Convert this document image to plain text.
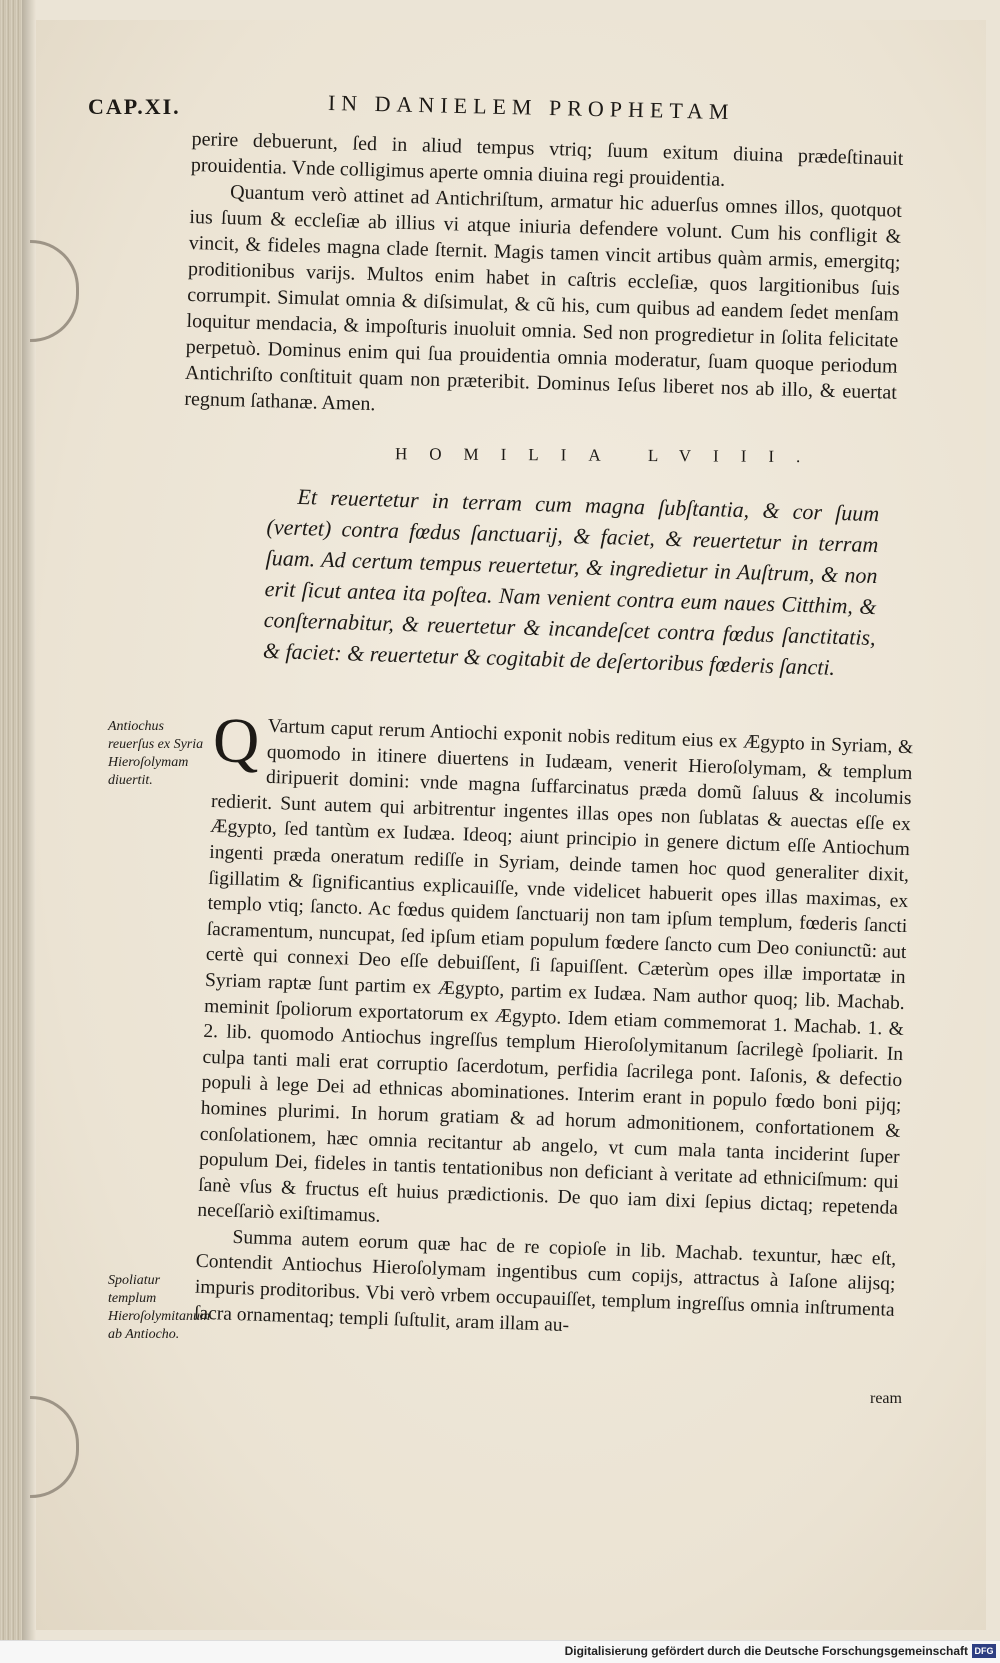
CAP.XI.	IN DANIELEM PROPHETAM

perire debuerunt, ſed in aliud tempus vtriq; ſuum exitum diuina prædeſtinauit prouidentia. Vnde colligimus aperte omnia diuina regi prouidentia.

Quantum verò attinet ad Antichriſtum, armatur hic aduerſus omnes illos, quotquot ius ſuum & eccleſiæ ab illius vi atque iniuria defendere volunt. Cum his confligit & vincit, & fideles magna clade ſternit. Magis tamen vincit artibus quàm armis, emergitq; proditionibus varijs. Multos enim habet in caſtris eccleſiæ, quos largitionibus ſuis corrumpit. Simulat omnia & diſsimulat, & cũ his, cum quibus ad eandem ſedet menſam loquitur mendacia, & impoſturis inuoluit omnia. Sed non progredietur in ſolita felicitate perpetuò. Dominus enim qui ſua prouidentia omnia moderatur, ſuam quoque periodum Antichriſto conſtituit quam non præteribit. Dominus Ieſus liberet nos ab illo, & euertat regnum ſathanæ. Amen.

HOMILIA LVIII.

Et reuertetur in terram cum magna ſubſtantia, & cor ſuum (vertet) contra fœdus ſanctuarij, & faciet, & reuertetur in terram ſuam. Ad certum tempus reuertetur, & ingredietur in Auſtrum, & non erit ſicut antea ita poſtea. Nam venient contra eum naues Citthim, & conſternabitur, & reuertetur & incandeſcet contra fœdus ſanctitatis, & faciet: & reuertetur & cogitabit de deſertoribus fœderis ſancti.

Antiochus reuerſus ex Syria Hieroſolymam diuertit.
Spoliatur templum Hieroſolymitanum ab Antiocho.

Q Vartum caput rerum Antiochi exponit nobis reditum eius ex Ægypto in Syriam, & quomodo in itinere diuertens in Iudæam, venerit Hieroſolymam, & templum diripuerit domini: vnde magna ſuffarcinatus præda domũ ſaluus & incolumis redierit. Sunt autem qui arbitrentur ingentes illas opes non ſublatas & auectas eſſe ex Ægypto, ſed tantùm ex Iudæa. Ideoq; aiunt principio in genere dictum eſſe Antiochum ingenti præda oneratum rediſſe in Syriam, deinde tamen hoc quod generaliter dixit, ſigillatim & ſignificantius explicauiſſe, vnde videlicet habuerit opes illas maximas, ex templo vtiq; ſancto. Ac fœdus quidem ſanctuarij non tam ipſum templum, fœderis ſancti ſacramentum, nuncupat, ſed ipſum etiam populum fœdere ſancto cum Deo coniunctũ: aut certè qui connexi Deo eſſe debuiſſent, ſi ſapuiſſent. Cæterùm opes illæ importatæ in Syriam raptæ ſunt partim ex Ægypto, partim ex Iudæa. Nam author quoq; lib. Machab. meminit ſpoliorum exportatorum ex Ægypto. Idem etiam commemorat 1. Machab. 1. & 2. lib. quomodo Antiochus ingreſſus templum Hieroſolymitanum ſacrilegè ſpoliarit. In culpa tanti mali erat corruptio ſacerdotum, perfidia ſacrilega pont. Iaſonis, & defectio populi à lege Dei ad ethnicas abominationes. Interim erant in populo fœdo boni pijq; homines plurimi. In horum gratiam & ad horum admonitionem, confortationem & conſolationem, hæc omnia recitantur ab angelo, vt cum mala tanta inciderint ſuper populum Dei, fideles in tantis tentationibus non deficiant à veritate ad ethniciſmum: qui ſanè vſus & fructus eſt huius prædictionis. De quo iam dixi ſepius dictaq; repetenda neceſſariò exiſtimamus.

Summa autem eorum quæ hac de re copioſe in lib. Machab. texuntur, hæc eſt, Contendit Antiochus Hieroſolymam ingentibus cum copijs, attractus à Iaſone alijsq; impuris proditoribus. Vbi verò vrbem occupauiſſet, templum ingreſſus omnia inſtrumenta ſacra ornamentaq; templi ſuſtulit, aram illam au-

ream
Digitalisierung gefördert durch die Deutsche Forschungsgemeinschaft DFG
